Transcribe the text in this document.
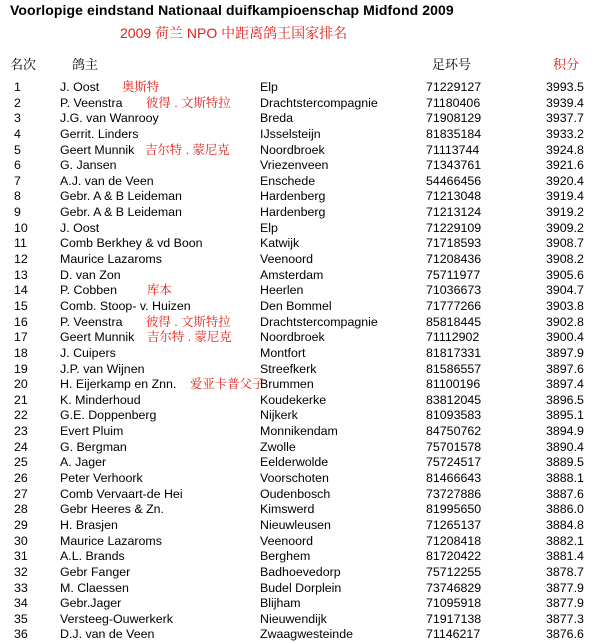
Voorlopige eindstand Nationaal duifkampioenschap Midfond 2009
2009 荷兰 NPO 中距离鸽王国家排名
名次	鸽主	足环号	积分
1	J. Oost	Elp	71229127	3993.5
奥斯特
2	P. Veenstra	Drachtstercompagnie	71180406	3939.4
彼得 . 文斯特拉
3	J.G. van Wanrooy	Breda	71908129	3937.7
4	Gerrit. Linders	IJsselsteijn	81835184	3933.2
5	Geert Munnik	Noordbroek	71113744	3924.8
吉尔特 . 蒙尼克
6	G. Jansen	Vriezenveen	71343761	3921.6
7	A.J. van de Veen	Enschede	54466456	3920.4
8	Gebr. A & B Leideman	Hardenberg	71213048	3919.4
9	Gebr. A & B Leideman	Hardenberg	71213124	3919.2
10	J. Oost	Elp	71229109	3909.2
11	Comb Berkhey & vd Boon	Katwijk	71718593	3908.7
12	Maurice Lazaroms	Veenoord	71208436	3908.2
13	D. van Zon	Amsterdam	75711977	3905.6
14	P. Cobben	Heerlen	71036673	3904.7
库本
15	Comb. Stoop- v. Huizen	Den Bommel	71777266	3903.8
16	P. Veenstra	Drachtstercompagnie	85818445	3902.8
彼得 . 文斯特拉
17	Geert Munnik	Noordbroek	71112902	3900.4
吉尔特 . 蒙尼克
18	J. Cuipers	Montfort	81817331	3897.9
19	J.P. van Wijnen	Streefkerk	81586557	3897.6
20	H. Eijerkamp en Znn.	Brummen	81100196	3897.4
爱亚卡普父子
21	K. Minderhoud	Koudekerke	83812045	3896.5
22	G.E. Doppenberg	Nijkerk	81093583	3895.1
23	Evert Pluim	Monnikendam	84750762	3894.9
24	G. Bergman	Zwolle	75701578	3890.4
25	A. Jager	Eelderwolde	75724517	3889.5
26	Peter Verhoork	Voorschoten	81466643	3888.1
27	Comb Vervaart-de Hei	Oudenbosch	73727886	3887.6
28	Gebr Heeres & Zn.	Kimswerd	81995650	3886.0
29	H. Brasjen	Nieuwleusen	71265137	3884.8
30	Maurice Lazaroms	Veenoord	71208418	3882.1
31	A.L. Brands	Berghem	81720422	3881.4
32	Gebr Fanger	Badhoevedorp	75712255	3878.7
33	M. Claessen	Budel Dorplein	73746829	3877.9
34	Gebr.Jager	Blijham	71095918	3877.9
35	Versteeg-Ouwerkerk	Nieuwendijk	71917138	3877.3
36	D.J. van de Veen	Zwaagwesteinde	71146217	3876.6
